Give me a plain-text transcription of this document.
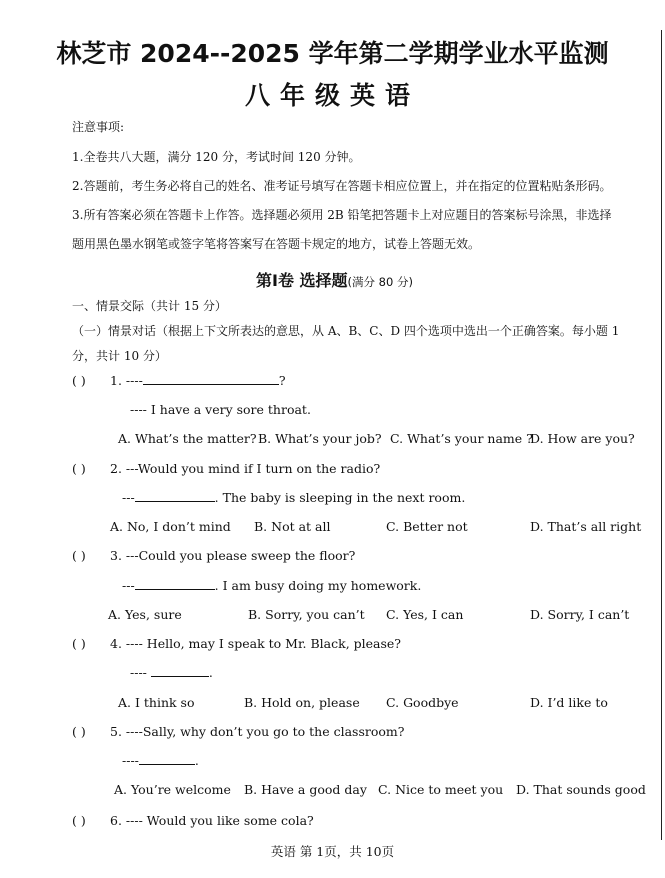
林芝市 2024--2025 学年第二学期学业水平监测
八年级英语
注意事项:
1.全卷共八大题，满分 120 分，考试时间 120 分钟。
2.答题前，考生务必将自己的姓名、准考证号填写在答题卡相应位置上，并在指定的位置粘贴条形码。
3.所有答案必须在答题卡上作答。选择题必须用 2B 铅笔把答题卡上对应题目的答案标号涂黑，非选择
题用黑色墨水钢笔或签字笔将答案写在答题卡规定的地方，试卷上答题无效。
第Ⅰ卷 选择题(满分 80 分)
一、情景交际（共计 15 分）
（一）情景对话（根据上下文所表达的意思，从 A、B、C、D 四个选项中选出一个正确答案。每小题 1
分，共计 10 分）
( ) 1. ----	?
---- I have a very sore throat.
A. What’s the matter? B. What’s your job? C. What’s your name ?
D. How are you?
( ) 2. ---Would you mind if I turn on the radio?
---	. The baby is sleeping in the next room.
A. No, I don’t mind B. Not at all	C. Better not	D. That’s all right
( ) 3. ---Could you please sweep the floor?
---	. I am busy doing my homework.
A. Yes, sure	B. Sorry, you can’t C. Yes, I can	D. Sorry, I can’t
( ) 4. ---- Hello, may I speak to Mr. Black, please?
----	.
A. I think so	B. Hold on, please C. Goodbye	D. I’d like to
( ) 5. ----Sally, why don’t you go to the classroom?
----	.
A. You’re welcome B. Have a good day C. Nice to meet you D. That sounds good
( ) 6. ---- Would you like some cola?
英语 第 1页，共 10页
